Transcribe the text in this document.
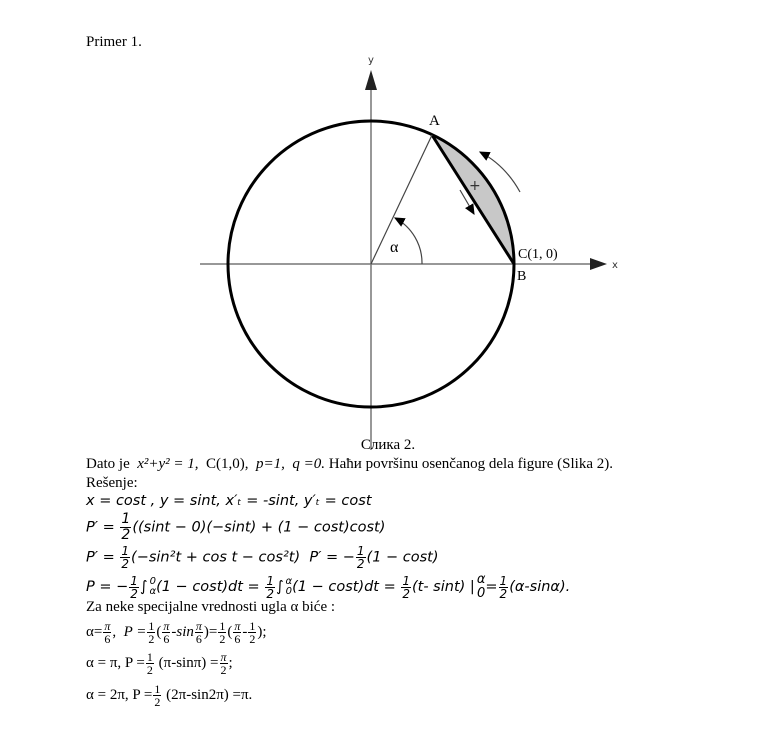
Primer 1.
y
x
A
C(1, 0)
B
α
+
Слика 2.
Dato je x²+y² = 1, C(1,0), p=1, q =0. Haħи površinu osenčanog dela figure (Slika 2).
Rešenje:
x = cost , y = sint, x′ₜ = -sint, y′ₜ = cost
$P' = \frac{1}{2} ((\sin t - 0)(-\sin t) + (1 - \cos t)\cos t)$
$P' = \frac{1}{2} (-\sin^2t + \cos t - \cos^2t) P'$ = − $\frac{1}{2} (1 - \cos t)$
P = − $\frac{1}{2}$ ∫ 0
α $(1 - \cos t)dt = \frac{1}{2}$ ∫ α
0 $(1 - \cos t)dt = \frac{1}{2} (t-$ sint) | α
$0 = \frac{1}{2} (\alpha-\sin\alpha)$.
Za neke specijalne vrednosti ugla α biće :
$\alpha= \frac{\pi}{6}$ ,  $P = \frac{1}{2}$ ( $\frac{\pi}{6} -\sin \frac{\pi}{6}$ )= $\frac{1}{2}$ ( $\frac{\pi}{6} - \frac{1}{2}$ );
α = π, $P = \frac{1}{2} (\pi-\sin\pi) = \frac{\pi}{2}$ ;
α = 2π, $P = \frac{1}{2} (2\pi-\sin 2\pi) =\pi$.
